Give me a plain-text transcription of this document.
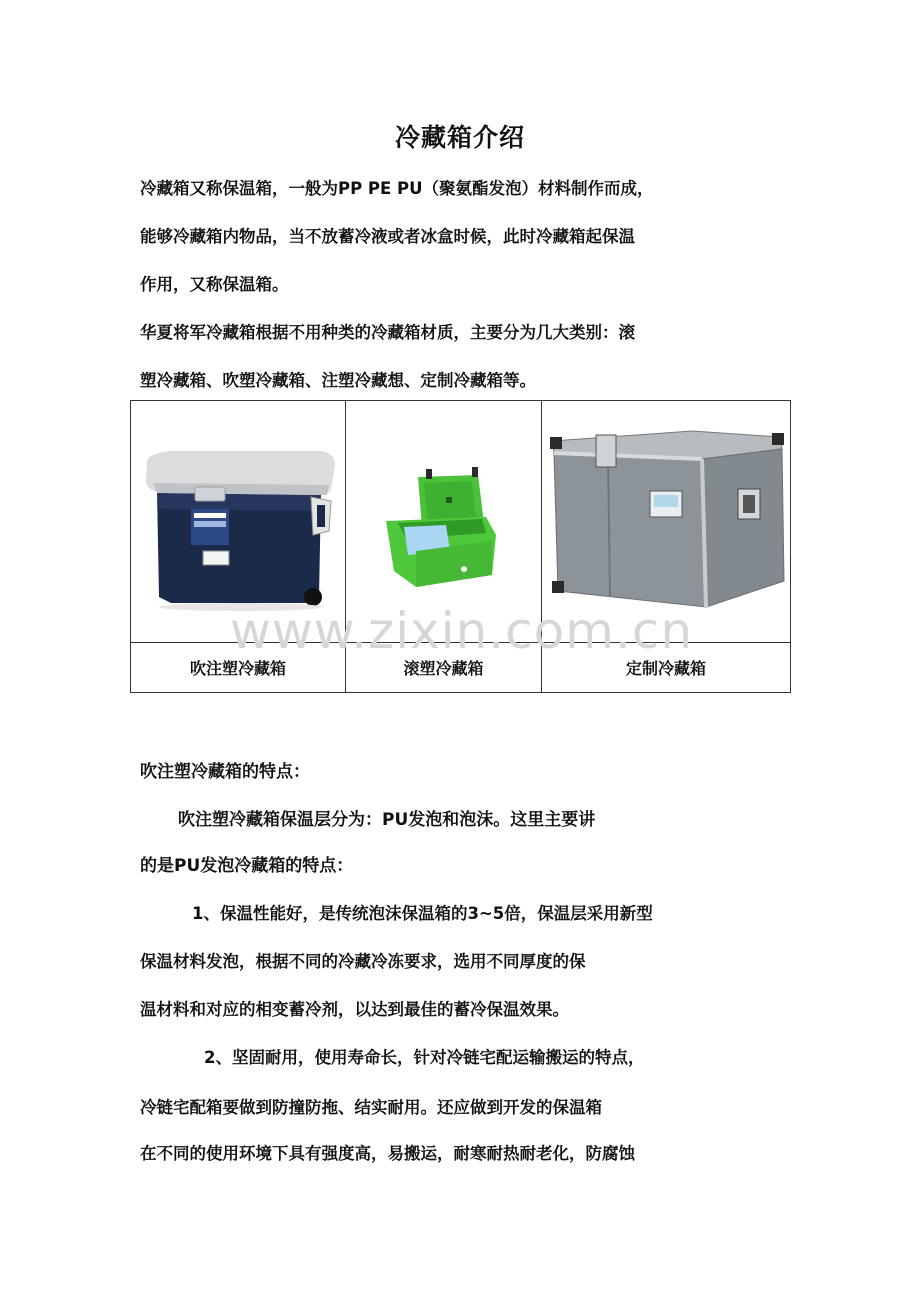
冷藏箱介绍
冷藏箱又称保温箱，一般为PP PE PU（聚氨酯发泡）材料制作而成，
能够冷藏箱内物品，当不放蓄冷液或者冰盒时候，此时冷藏箱起保温
作用，又称保温箱。
华夏将军冷藏箱根据不用种类的冷藏箱材质，主要分为几大类别：滚
塑冷藏箱、吹塑冷藏箱、注塑冷藏想、定制冷藏箱等。

吹注塑冷藏箱	滚塑冷藏箱	定制冷藏箱
www.zixin.com.cn
吹注塑冷藏箱的特点：
吹注塑冷藏箱保温层分为：PU发泡和泡沫。这里主要讲
的是PU发泡冷藏箱的特点：
1、保温性能好，是传统泡沫保温箱的3~5倍，保温层采用新型
保温材料发泡，根据不同的冷藏冷冻要求，选用不同厚度的保
温材料和对应的相变蓄冷剂，以达到最佳的蓄冷保温效果。
2、坚固耐用，使用寿命长，针对冷链宅配运输搬运的特点，
冷链宅配箱要做到防撞防拖、结实耐用。还应做到开发的保温箱
在不同的使用环境下具有强度高，易搬运，耐寒耐热耐老化，防腐蚀
